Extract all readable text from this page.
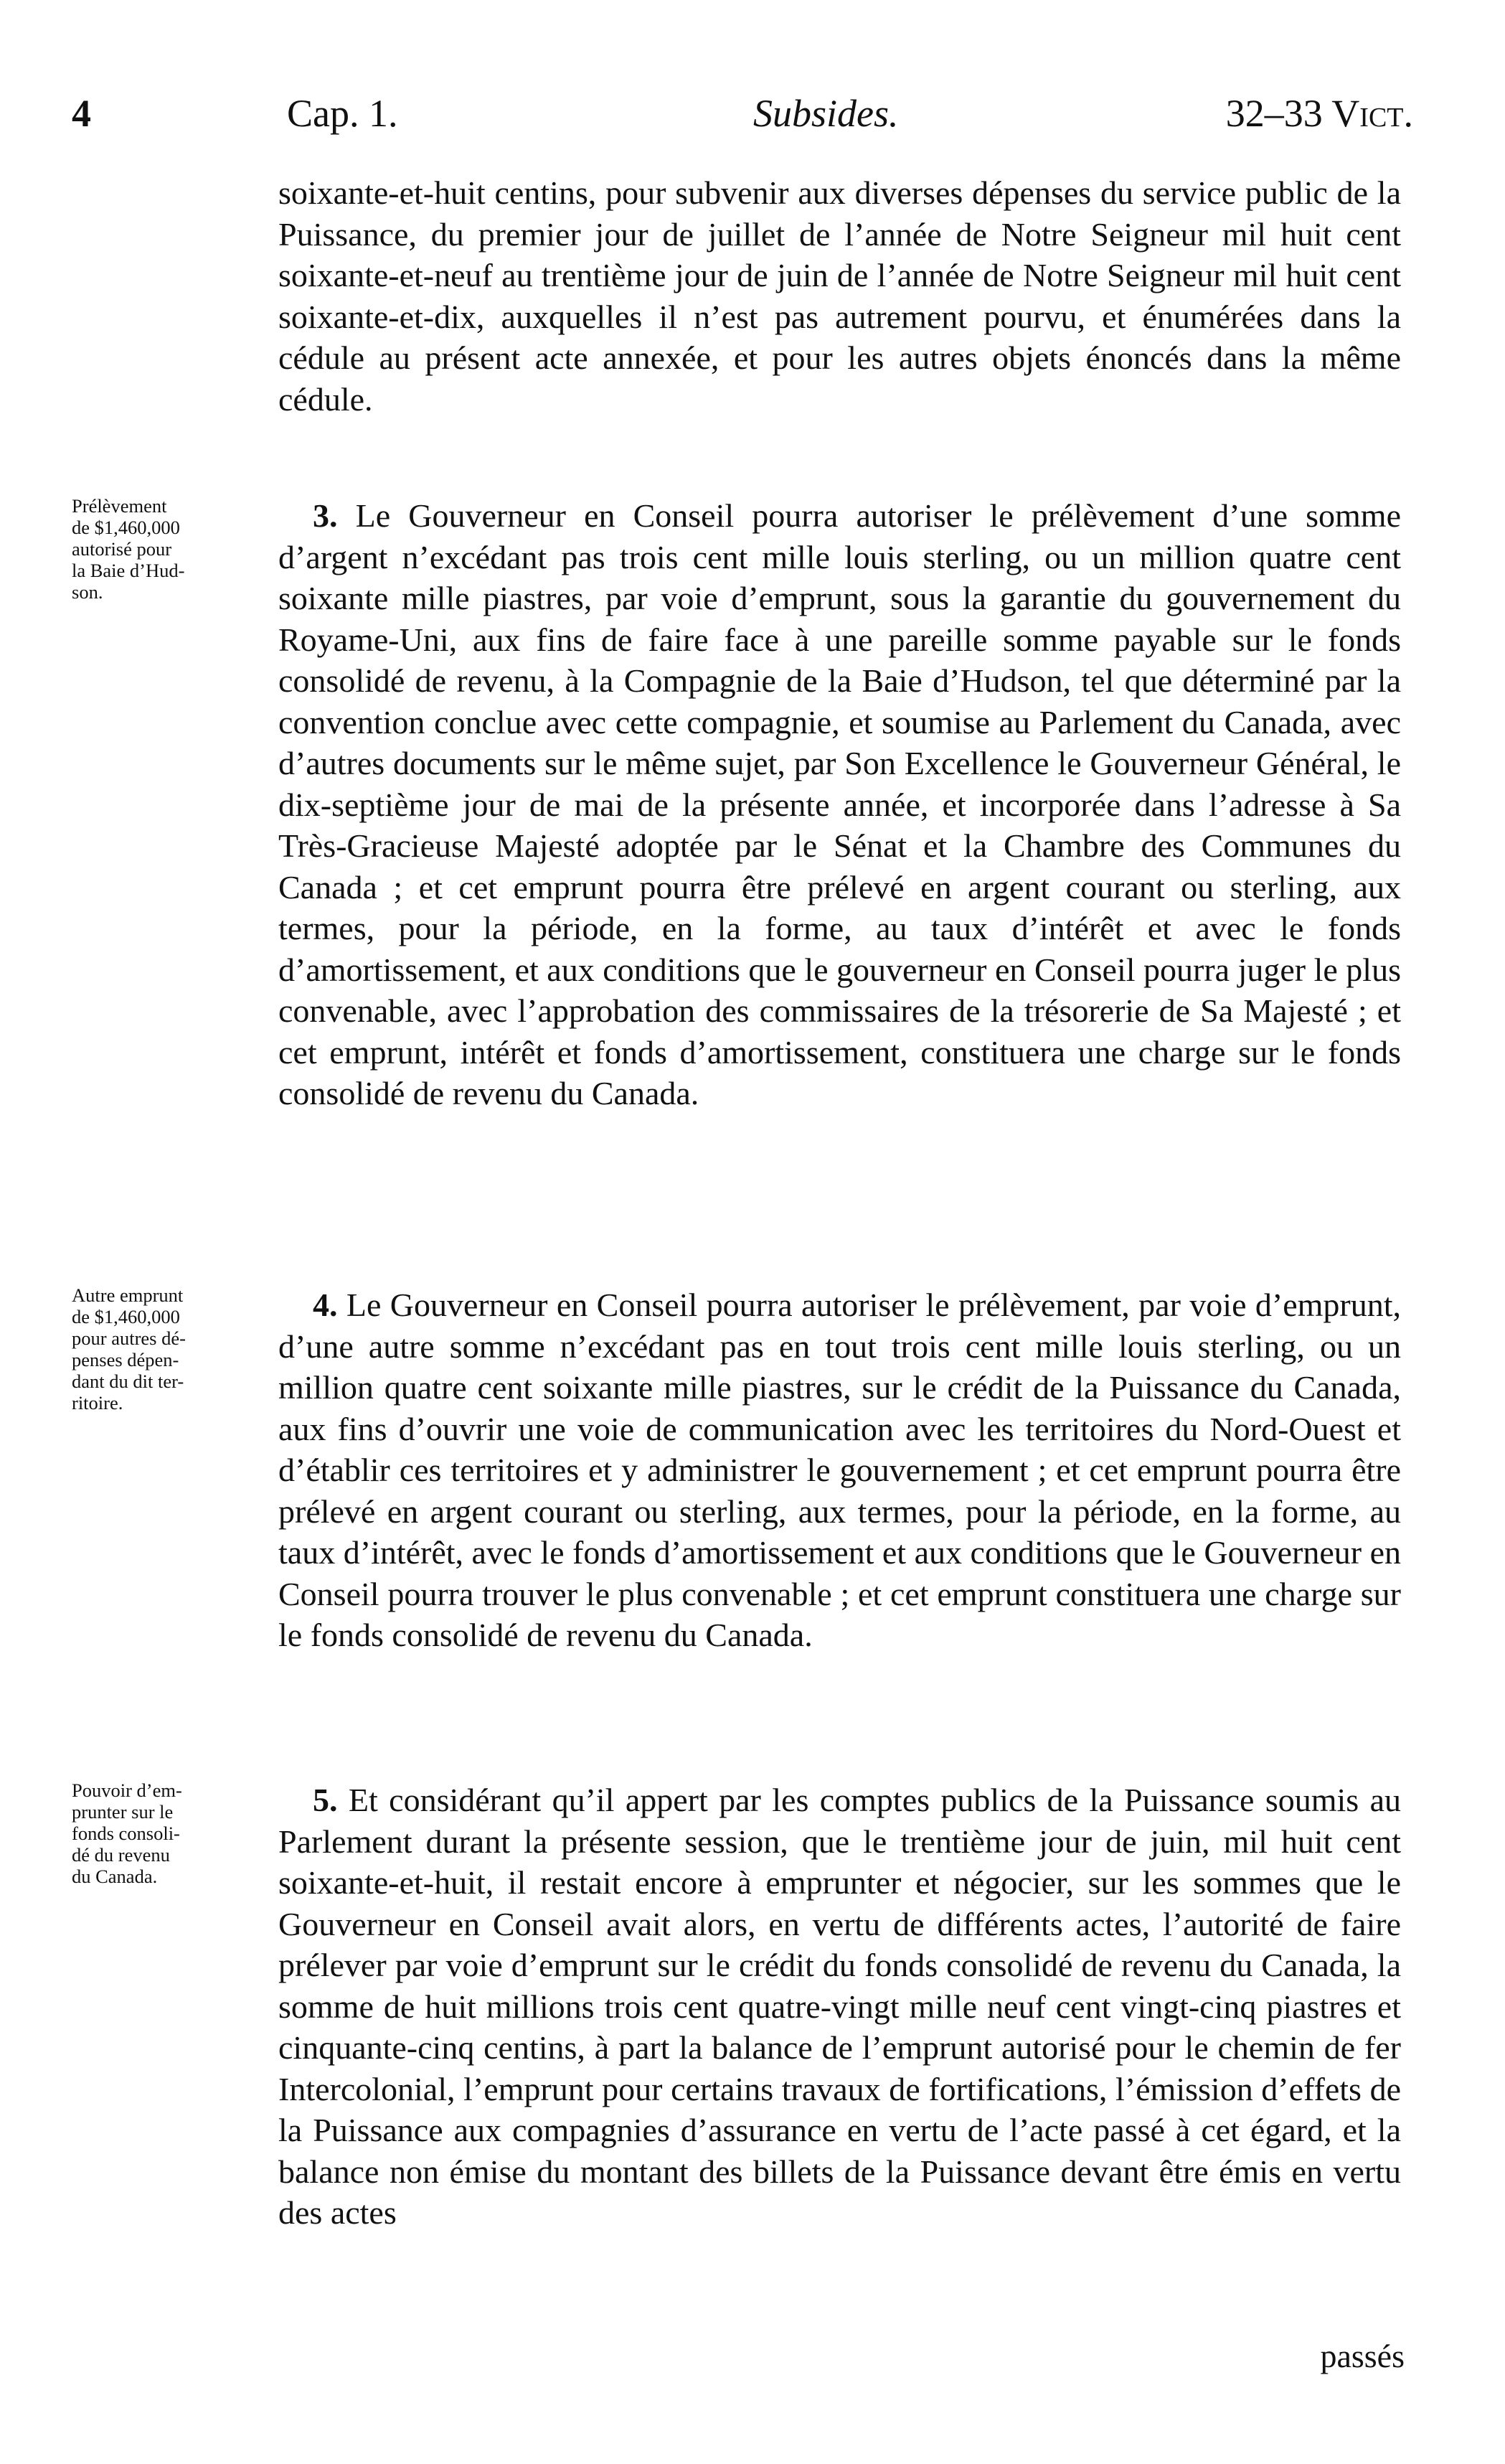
4	Cap. 1.	Subsides.	32–33 Vict.

soixante-et-huit centins, pour subvenir aux diverses dépenses du service public de la Puissance, du premier jour de juillet de l’année de Notre Seigneur mil huit cent soixante-et-neuf au trentième jour de juin de l’année de Notre Seigneur mil huit cent soixante-et-dix, auxquelles il n’est pas autrement pourvu, et énumérées dans la cédule au présent acte annexée, et pour les autres objets énoncés dans la même cédule.

Prélèvement
de $1,460,000
autorisé pour
la Baie d’Hud-
son.

3. Le Gouverneur en Conseil pourra autoriser le prélèvement d’une somme d’argent n’excédant pas trois cent mille louis sterling, ou un million quatre cent soixante mille piastres, par voie d’emprunt, sous la garantie du gouvernement du Royame-Uni, aux fins de faire face à une pareille somme payable sur le fonds consolidé de revenu, à la Compagnie de la Baie d’Hudson, tel que déterminé par la convention conclue avec cette compagnie, et soumise au Parlement du Canada, avec d’autres documents sur le même sujet, par Son Excellence le Gouverneur Général, le dix-septième jour de mai de la présente année, et incorporée dans l’adresse à Sa Très-Gracieuse Majesté adoptée par le Sénat et la Chambre des Communes du Canada ; et cet emprunt pourra être prélevé en argent courant ou sterling, aux termes, pour la période, en la forme, au taux d’intérêt et avec le fonds d’amortissement, et aux conditions que le gouverneur en Conseil pourra juger le plus convenable, avec l’approbation des commissaires de la trésorerie de Sa Majesté ; et cet emprunt, intérêt et fonds d’amortissement, constituera une charge sur le fonds consolidé de revenu du Canada.

Autre emprunt
de $1,460,000
pour autres dé-
penses dépen-
dant du dit ter-
ritoire.

4. Le Gouverneur en Conseil pourra autoriser le prélèvement, par voie d’emprunt, d’une autre somme n’excédant pas en tout trois cent mille louis sterling, ou un million quatre cent soixante mille piastres, sur le crédit de la Puissance du Canada, aux fins d’ouvrir une voie de communication avec les territoires du Nord-Ouest et d’établir ces territoires et y administrer le gouvernement ; et cet emprunt pourra être prélevé en argent courant ou sterling, aux termes, pour la période, en la forme, au taux d’intérêt, avec le fonds d’amortissement et aux conditions que le Gouverneur en Conseil pourra trouver le plus convenable ; et cet emprunt constituera une charge sur le fonds consolidé de revenu du Canada.

Pouvoir d’em-
prunter sur le
fonds consoli-
dé du revenu
du Canada.

5. Et considérant qu’il appert par les comptes publics de la Puissance soumis au Parlement durant la présente session, que le trentième jour de juin, mil huit cent soixante-et-huit, il restait encore à emprunter et négocier, sur les sommes que le Gouverneur en Conseil avait alors, en vertu de différents actes, l’autorité de faire prélever par voie d’emprunt sur le crédit du fonds consolidé de revenu du Canada, la somme de huit millions trois cent quatre-vingt mille neuf cent vingt-cinq piastres et cinquante-cinq centins, à part la balance de l’emprunt autorisé pour le chemin de fer Intercolonial, l’emprunt pour certains travaux de fortifications, l’émission d’effets de la Puissance aux compagnies d’assurance en vertu de l’acte passé à cet égard, et la balance non émise du montant des billets de la Puissance devant être émis en vertu des actes

passés
